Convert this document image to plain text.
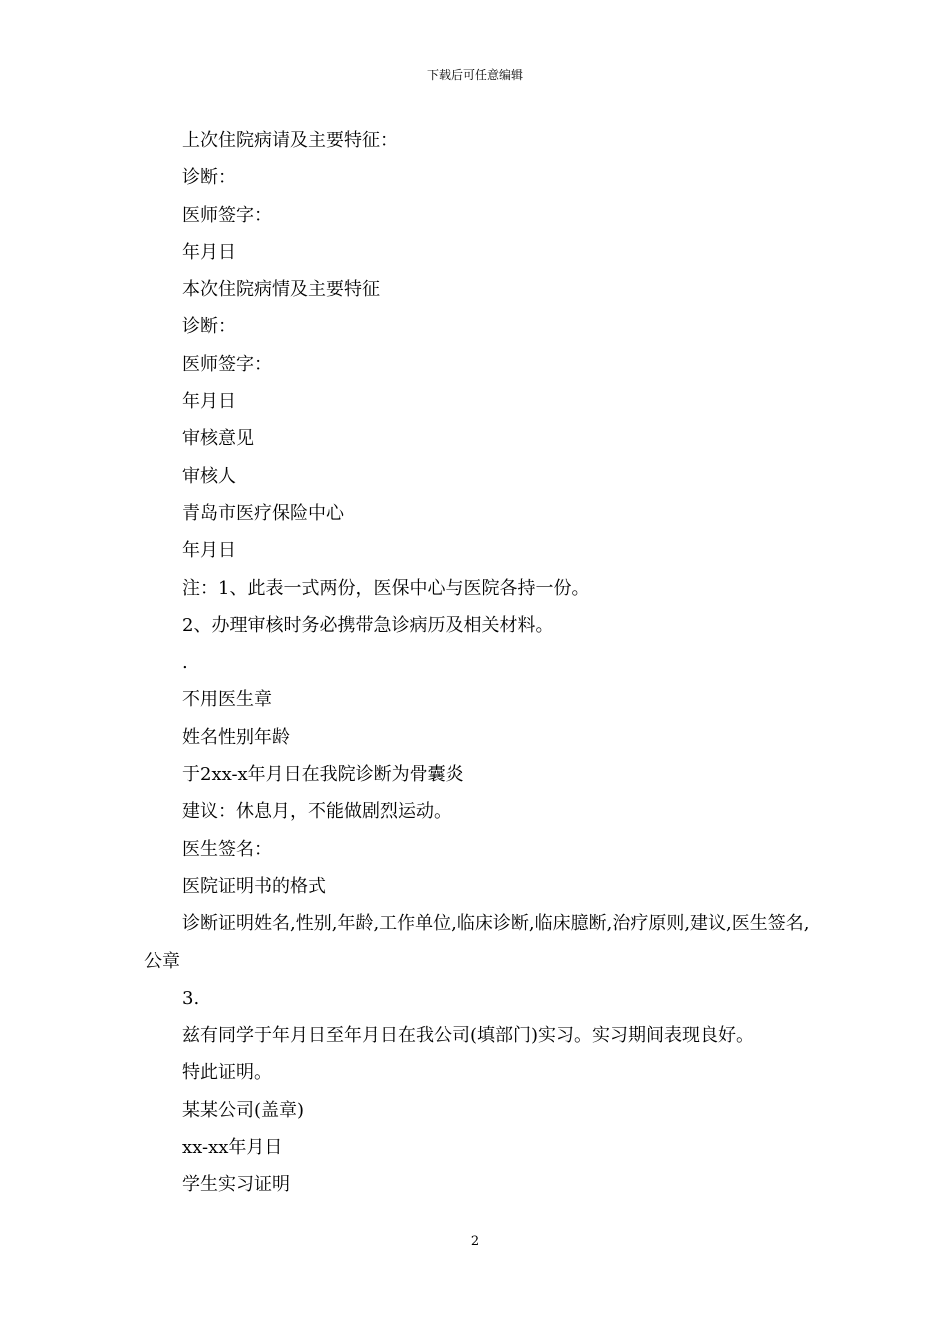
下载后可任意编辑
上次住院病请及主要特征：
诊断：
医师签字：
年月日
本次住院病情及主要特征
诊断：
医师签字：
年月日
审核意见
审核人
青岛市医疗保险中心
年月日
注：1、此表一式两份，医保中心与医院各持一份。
2、办理审核时务必携带急诊病历及相关材料。
.
不用医生章
姓名性别年龄
于2xx-x年月日在我院诊断为骨囊炎
建议：休息月，不能做剧烈运动。
医生签名：
医院证明书的格式
诊断证明姓名,性别,年龄,工作单位,临床诊断,临床臆断,治疗原则,建议,医生签名,公章
3.
兹有同学于年月日至年月日在我公司(填部门)实习。实习期间表现良好。
特此证明。
某某公司(盖章)
xx-xx年月日
学生实习证明
2
